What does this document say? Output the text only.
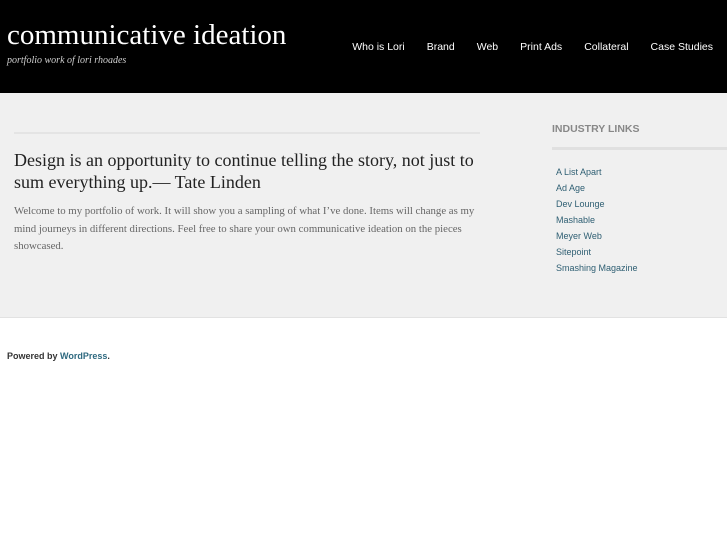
communicative ideation
portfolio work of lori rhoades
Who is Lori Brand Web Print Ads Collateral Case Studies
Design is an opportunity to continue telling the story, not just to sum everything up.— Tate Linden

Welcome to my portfolio of work. It will show you a sampling of what I’ve done. Items will change as my mind journeys in different directions. Feel free to share your own communicative ideation on the pieces showcased.

INDUSTRY LINKS
A List Apart
Ad Age
Dev Lounge
Mashable
Meyer Web
Sitepoint
Smashing Magazine
Powered by WordPress.
